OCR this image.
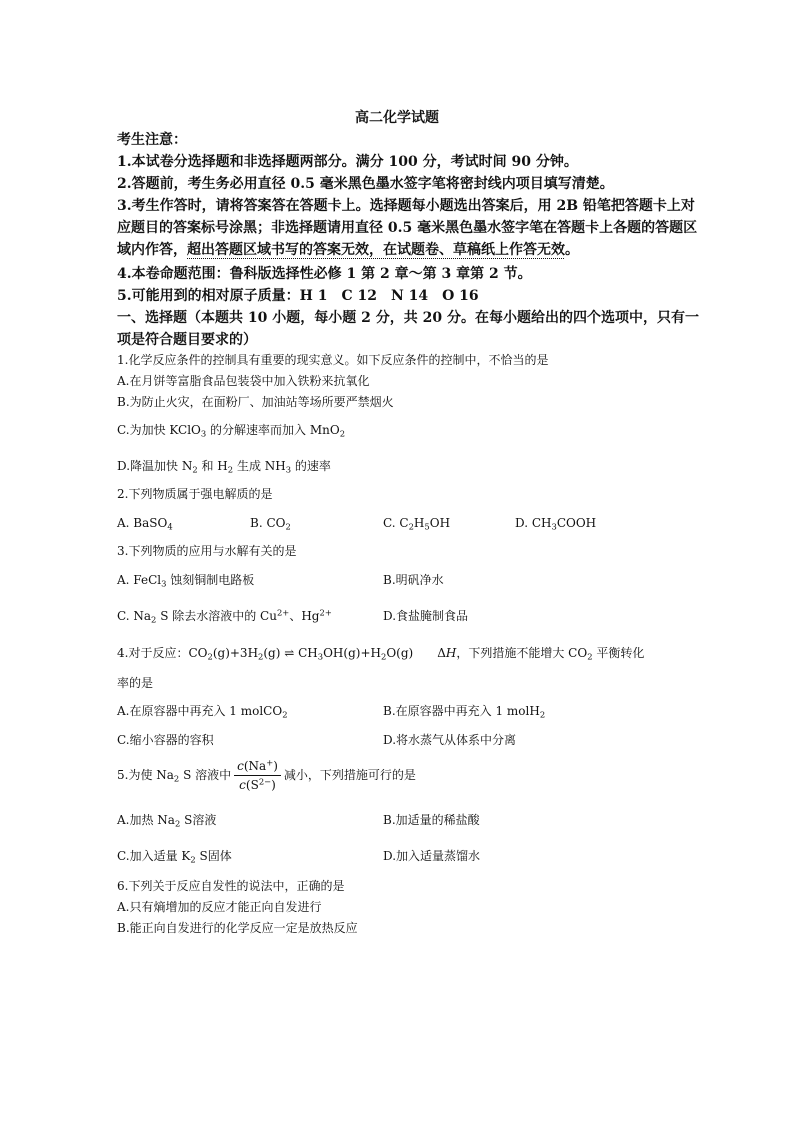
高二化学试题
考生注意：
1.本试卷分选择题和非选择题两部分。满分 100 分，考试时间 90 分钟。
2.答题前，考生务必用直径 0.5 毫米黑色墨水签字笔将密封线内项目填写清楚。
3.考生作答时，请将答案答在答题卡上。选择题每小题选出答案后，用 2B 铅笔把答题卡上对
应题目的答案标号涂黑；非选择题请用直径 0.5 毫米黑色墨水签字笔在答题卡上各题的答题区
域内作答，超出答题区域书写的答案无效，在试题卷、草稿纸上作答无效。
4.本卷命题范围：鲁科版选择性必修 1 第 2 章～第 3 章第 2 节。
5.可能用到的相对原子质量：H 1　C 12　N 14　O 16
一、选择题（本题共 10 小题，每小题 2 分，共 20 分。在每小题给出的四个选项中，只有一
项是符合题目要求的）
1.化学反应条件的控制具有重要的现实意义。如下反应条件的控制中，不恰当的是
A.在月饼等富脂食品包装袋中加入铁粉来抗氧化
B.为防止火灾，在面粉厂、加油站等场所要严禁烟火
C.为加快 KClO$_3$ 的分解速率而加入 MnO$_2$
D.降温加快 $N_2$ 和 $H_2$ 生成 $NH_3$ 的速率
2.下列物质属于强电解质的是
A. BaSO$_4$	B. $CO_2$	C. $C_2H_5OH$	D. $CH_3COOH$
3.下列物质的应用与水解有关的是
A. FeCl$_3$ 蚀刻铜制电路板	B.明矾净水
C. $Na_2$ S 除去水溶液中的 $Cu^{2+}$、$Hg^{2+}$	D.食盐腌制食品
4.对于反应：$CO_2(g)+3H_2(g)$ ⇌ $CH_3OH(g)+H_2O(g)$　　ΔH，下列措施不能增大 $CO_2$ 平衡转化
率的是
A.在原容器中再充入 1 molCO$_2$	B.在原容器中再充入 1 molH$_2$
C.缩小容器的容积	D.将水蒸气从体系中分离
5.为使 $Na_2$ S 溶液中 $\frac{c(Na^+)}{c(S^{2-})}$ 减小，下列措施可行的是
A.加热 $Na_2$ S溶液	B.加适量的稀盐酸
C.加入适量 $K_2$ S固体	D.加入适量蒸馏水
6.下列关于反应自发性的说法中，正确的是
A.只有熵增加的反应才能正向自发进行
B.能正向自发进行的化学反应一定是放热反应
